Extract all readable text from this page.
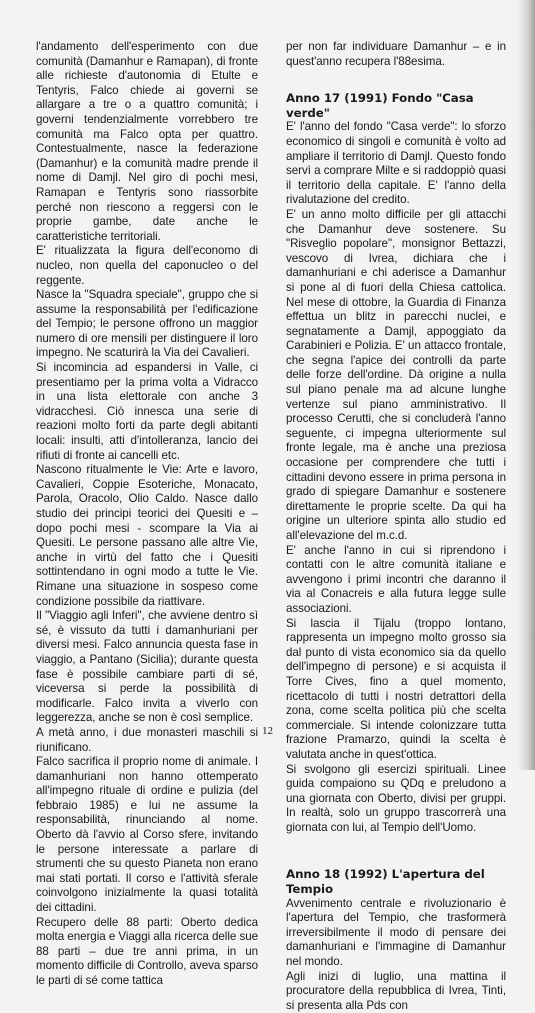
l'andamento dell'esperimento con due comunità (Damanhur e Ramapan), di fronte alle richieste d'autonomia di Etulte e Tentyris, Falco chiede ai governi se allargare a tre o a quattro comunità; i governi tendenzialmente vorrebbero tre comunità ma Falco opta per quattro. Contestualmente, nasce la federazione (Damanhur) e la comunità madre prende il nome di Damjl. Nel giro di pochi mesi, Ramapan e Tentyris sono riassorbite perché non riescono a reggersi con le proprie gambe, date anche le caratteristiche territoriali.

E' ritualizzata la figura dell'economo di nucleo, non quella del caponucleo o del reggente.

Nasce la "Squadra speciale", gruppo che si assume la responsabilità per l'edificazione del Tempio; le persone offrono un maggior numero di ore mensili per distinguere il loro impegno. Ne scaturirà la Via dei Cavalieri.

Si incomincia ad espandersi in Valle, ci presentiamo per la prima volta a Vidracco in una lista elettorale con anche 3 vidracchesi. Ciò innesca una serie di reazioni molto forti da parte degli abitanti locali: insulti, atti d'intolleranza, lancio dei rifiuti di fronte ai cancelli etc.

Nascono ritualmente le Vie: Arte e lavoro, Cavalieri, Coppie Esoteriche, Monacato, Parola, Oracolo, Olio Caldo. Nasce dallo studio dei principi teorici dei Quesiti e – dopo pochi mesi - scompare la Via ai Quesiti. Le persone passano alle altre Vie, anche in virtù del fatto che i Quesiti sottintendano in ogni modo a tutte le Vie. Rimane una situazione in sospeso come condizione possibile da riattivare.

Il "Viaggio agli Inferi", che avviene dentro sì sé, è vissuto da tutti i damanhuriani per diversi mesi. Falco annuncia questa fase in viaggio, a Pantano (Sicilia); durante questa fase è possibile cambiare parti di sé, viceversa si perde la possibilità di modificarle. Falco invita a viverlo con leggerezza, anche se non è così semplice.

A metà anno, i due monasteri maschili si riunificano.

Falco sacrifica il proprio nome di animale. I damanhuriani non hanno ottemperato all'impegno rituale di ordine e pulizia (del febbraio 1985) e lui ne assume la responsabilità, rinunciando al nome. Oberto dà l'avvio al Corso sfere, invitando le persone interessate a parlare di strumenti che su questo Pianeta non erano mai stati portati. Il corso e l'attività sferale coinvolgono inizialmente la quasi totalità dei cittadini.

Recupero delle 88 parti: Oberto dedica molta energia e Viaggi alla ricerca delle sue 88 parti – due tre anni prima, in un momento difficile di Controllo, aveva sparso le parti di sé come tattica

per non far individuare Damanhur – e in quest'anno recupera l'88esima.

Anno 17 (1991) Fondo "Casa verde"

E' l'anno del fondo "Casa verde": lo sforzo economico di singoli e comunità è volto ad ampliare il territorio di Damjl. Questo fondo servì a comprare Milte e si raddoppiò quasi il territorio della capitale. E' l'anno della rivalutazione del credito.

E' un anno molto difficile per gli attacchi che Damanhur deve sostenere. Su "Risveglio popolare", monsignor Bettazzi, vescovo di Ivrea, dichiara che i damanhuriani e chi aderisce a Damanhur si pone al di fuori della Chiesa cattolica. Nel mese di ottobre, la Guardia di Finanza effettua un blitz in parecchi nuclei, e segnatamente a Damjl, appoggiato da Carabinieri e Polizia. E' un attacco frontale, che segna l'apice dei controlli da parte delle forze dell'ordine. Dà origine a nulla sul piano penale ma ad alcune lunghe vertenze sul piano amministrativo. Il processo Cerutti, che si concluderà l'anno seguente, ci impegna ulteriormente sul fronte legale, ma è anche una preziosa occasione per comprendere che tutti i cittadini devono essere in prima persona in grado di spiegare Damanhur e sostenere direttamente le proprie scelte. Da qui ha origine un ulteriore spinta allo studio ed all'elevazione del m.c.d.

E' anche l'anno in cui si riprendono i contatti con le altre comunità italiane e avvengono i primi incontri che daranno il via al Conacreis e alla futura legge sulle associazioni.

Si lascia il Tijalu (troppo lontano, rappresenta un impegno molto grosso sia dal punto di vista economico sia da quello dell'impegno di persone) e si acquista il Torre Cives, fino a quel momento, ricettacolo di tutti i nostri detrattori della zona, come scelta politica più che scelta commerciale. Si intende colonizzare tutta frazione Pramarzo, quindi la scelta è valutata anche in quest'ottica.

Si svolgono gli esercizi spirituali. Linee guida compaiono su QDq e preludono a una giornata con Oberto, divisi per gruppi. In realtà, solo un gruppo trascorrerà una giornata con lui, al Tempio dell'Uomo.

Anno 18 (1992) L'apertura del Tempio

Avvenimento centrale e rivoluzionario è l'apertura del Tempio, che trasformerà irreversibilmente il modo di pensare dei damanhuriani e l'immagine di Damanhur nel mondo.

Agli inizi di luglio, una mattina il procuratore della repubblica di Ivrea, Tinti, si presenta alla Pds con

12
